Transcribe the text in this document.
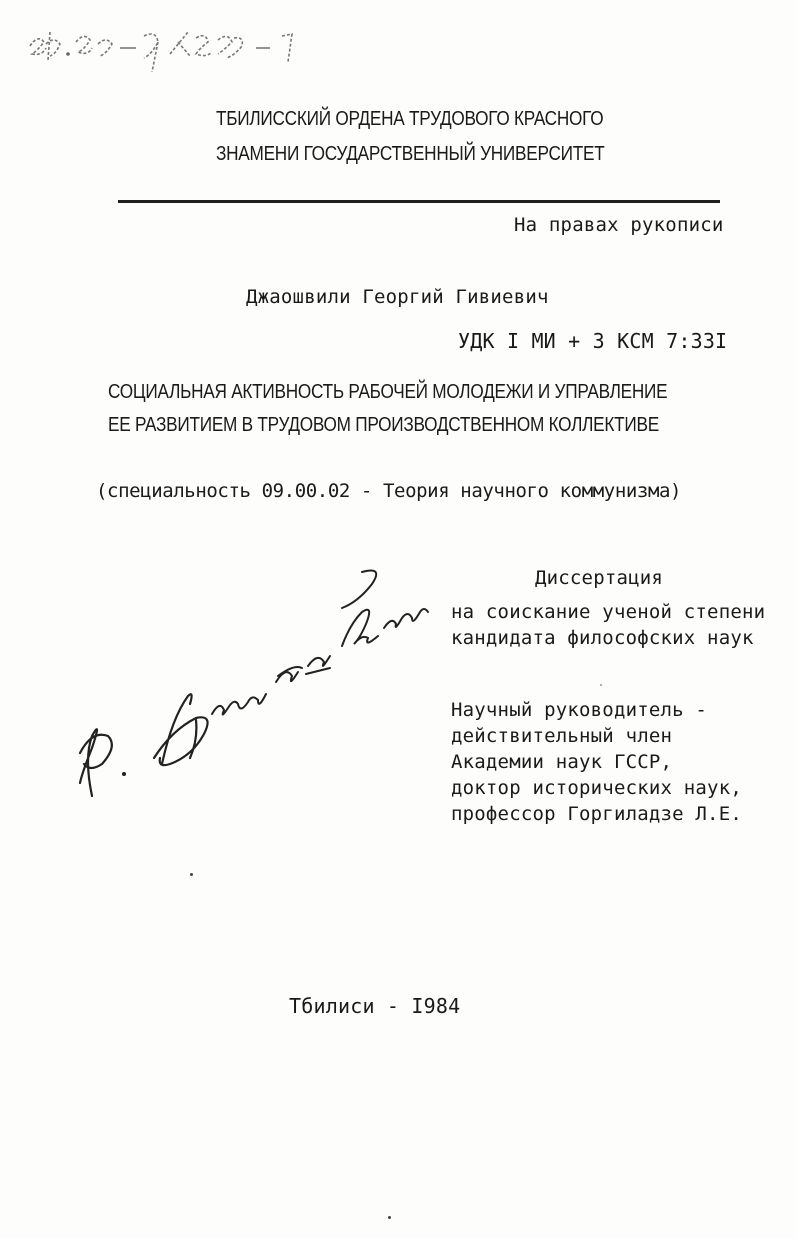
ТБИЛИССКИЙ ОРДЕНА ТРУДОВОГО КРАСНОГО
ЗНАМЕНИ ГОСУДАРСТВЕННЫЙ УНИВЕРСИТЕТ
На правах рукописи
Джаошвили Георгий Гивиевич
УДК I МИ + 3 КСМ 7:33I
СОЦИАЛЬНАЯ АКТИВНОСТЬ РАБОЧЕЙ МОЛОДЕЖИ И УПРАВЛЕНИЕ
ЕЕ РАЗВИТИЕМ В ТРУДОВОМ ПРОИЗВОДСТВЕННОМ КОЛЛЕКТИВЕ
(специальность 09.00.02 - Теория научного коммунизма)
Диссертация
на соискание ученой степени
кандидата философских наук
Научный руководитель -
действительный член
Академии наук ГССР,
доктор исторических наук,
профессор Горгиладзе Л.Е.
Тбилиси - I984
